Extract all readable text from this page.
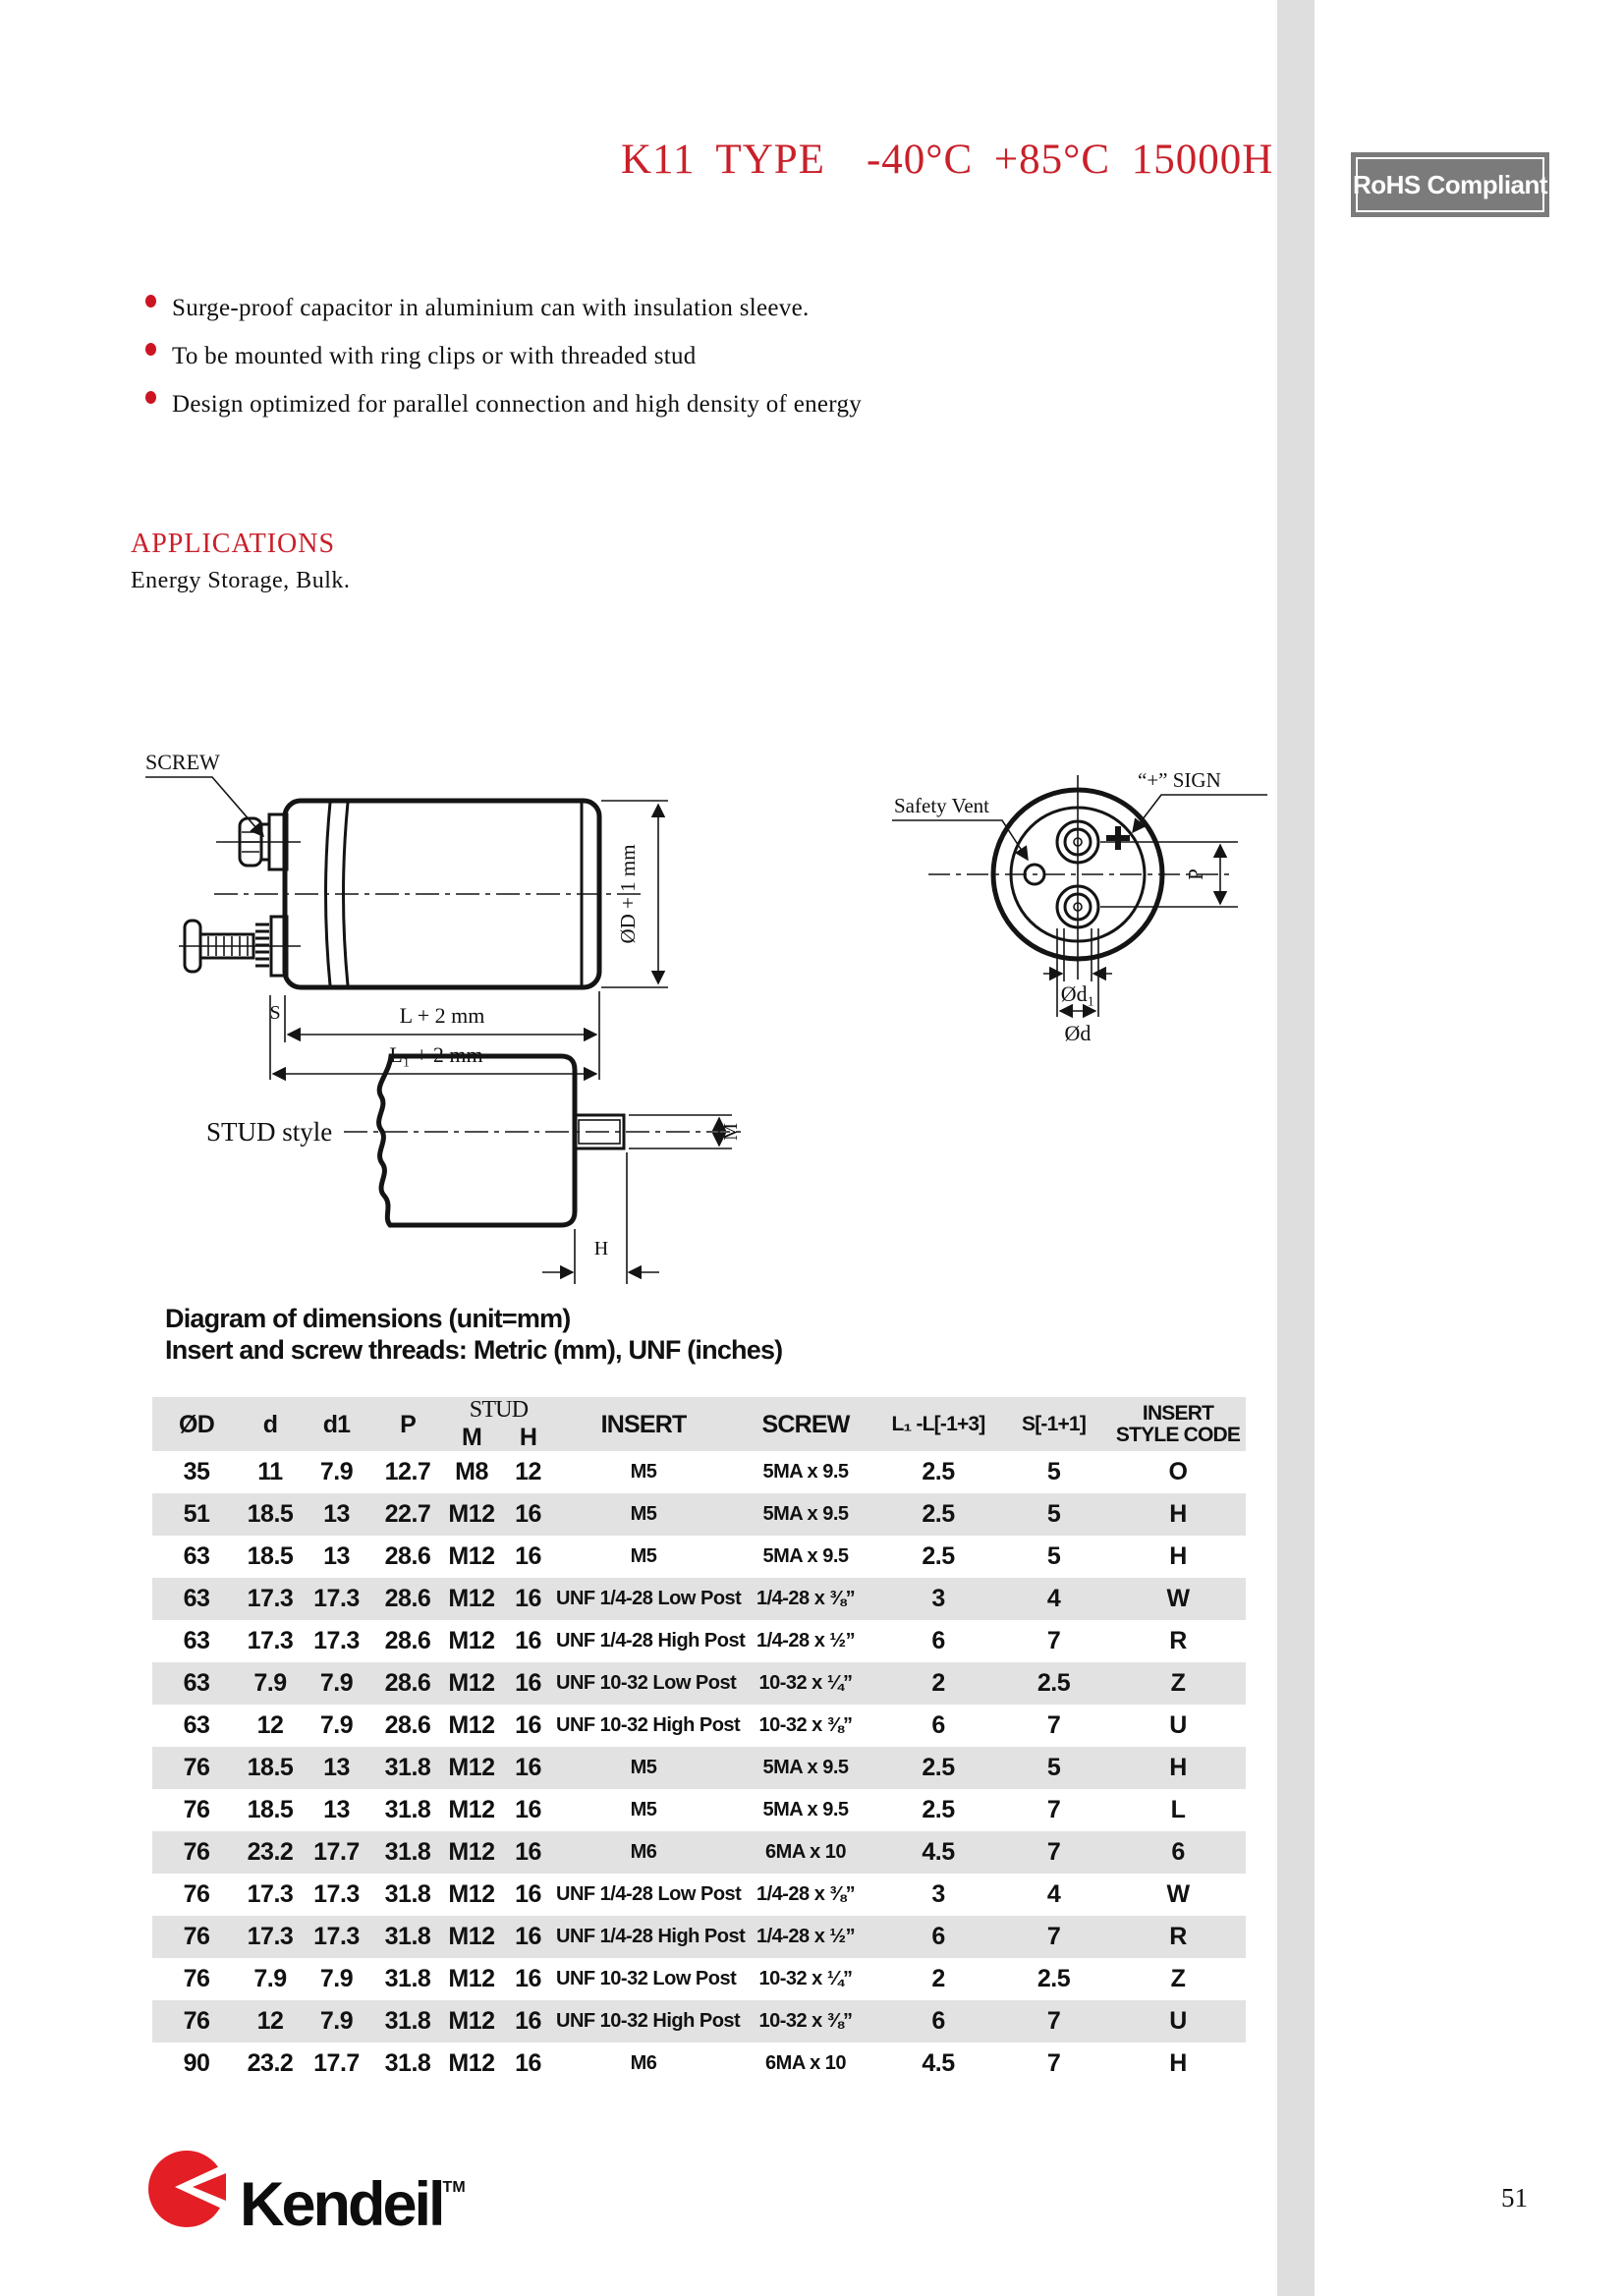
K11 TYPE -40°C +85°C 15000H
RoHS Compliant
Surge-proof capacitor in aluminium can with insulation sleeve.
To be mounted with ring clips or with threaded stud
Design optimized for parallel connection and high density of energy
APPLICATIONS
Energy Storage, Bulk.
SCREW
ØD + 1 mm
S	L + 2 mm
L₁ + 2 mm
Safety Vent
“+” SIGN
P
Ød₁
Ød
STUD style	M
H
Diagram of dimensions (unit=mm)
Insert and screw threads: Metric (mm), UNF (inches)
ØD	d	d1	P	STUD		INSERT	SCREW	L₁ -L[-1+3]	S[-1+1]	INSERT STYLE CODE
				M	H					
35	11	7.9	12.7	M8	12	M5	5MA x 9.5	2.5	5	O
51	18.5	13	22.7	M12	16	M5	5MA x 9.5	2.5	5	H
63	18.5	13	28.6	M12	16	M5	5MA x 9.5	2.5	5	H
63	17.3	17.3	28.6	M12	16	UNF 1/4-28 Low Post	1/4-28 x ⅜”	3	4	W
63	17.3	17.3	28.6	M12	16	UNF 1/4-28 High Post	1/4-28 x ½”	6	7	R
63	7.9	7.9	28.6	M12	16	UNF 10-32 Low Post	10-32 x ¼”	2	2.5	Z
63	12	7.9	28.6	M12	16	UNF 10-32 High Post	10-32 x ⅜”	6	7	U
76	18.5	13	31.8	M12	16	M5	5MA x 9.5	2.5	5	H
76	18.5	13	31.8	M12	16	M5	5MA x 9.5	2.5	7	L
76	23.2	17.7	31.8	M12	16	M6	6MA x 10	4.5	7	6
76	17.3	17.3	31.8	M12	16	UNF 1/4-28 Low Post	1/4-28 x ⅜”	3	4	W
76	17.3	17.3	31.8	M12	16	UNF 1/4-28 High Post	1/4-28 x ½”	6	7	R
76	7.9	7.9	31.8	M12	16	UNF 10-32 Low Post	10-32 x ¼”	2	2.5	Z
76	12	7.9	31.8	M12	16	UNF 10-32 High Post	10-32 x ⅜”	6	7	U
90	23.2	17.7	31.8	M12	16	M6	6MA x 10	4.5	7	H
Kendeil™	51
